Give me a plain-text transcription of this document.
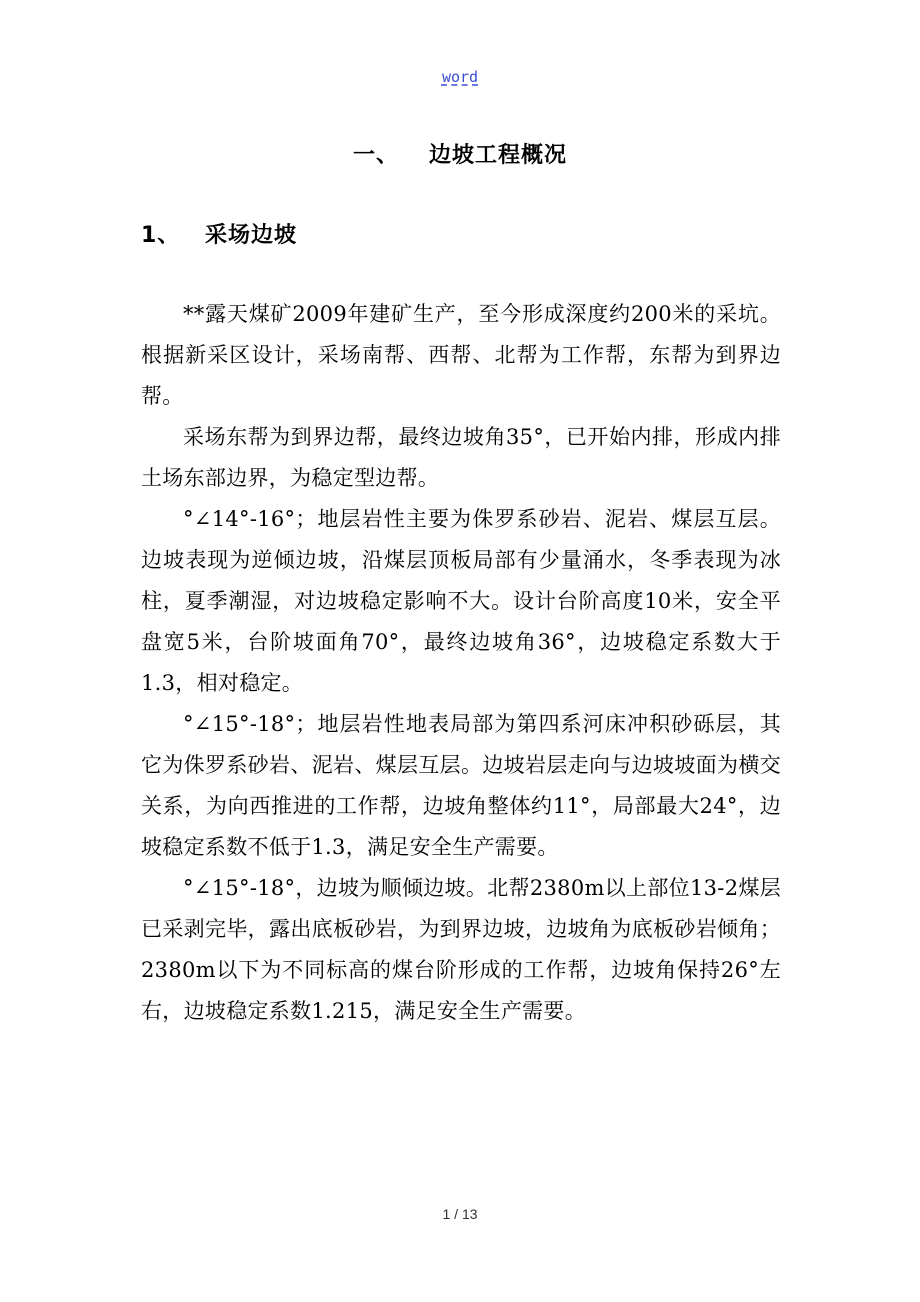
word
一、 边坡工程概况
1、 采场边坡

**露天煤矿2009年建矿生产，至今形成深度约200米的采坑。根据新采区设计，采场南帮、西帮、北帮为工作帮，东帮为到界边帮。

采场东帮为到界边帮，最终边坡角35°，已开始内排，形成内排土场东部边界，为稳定型边帮。

°∠14°-16°；地层岩性主要为侏罗系砂岩、泥岩、煤层互层。边坡表现为逆倾边坡，沿煤层顶板局部有少量涌水，冬季表现为冰柱，夏季潮湿，对边坡稳定影响不大。设计台阶高度10米，安全平盘宽5米，台阶坡面角70°，最终边坡角36°，边坡稳定系数大于1.3，相对稳定。

°∠15°-18°；地层岩性地表局部为第四系河床冲积砂砾层，其它为侏罗系砂岩、泥岩、煤层互层。边坡岩层走向与边坡坡面为横交关系，为向西推进的工作帮，边坡角整体约11°，局部最大24°，边坡稳定系数不低于1.3，满足安全生产需要。

°∠15°-18°，边坡为顺倾边坡。北帮2380m以上部位13-2煤层已采剥完毕，露出底板砂岩，为到界边坡，边坡角为底板砂岩倾角；2380m以下为不同标高的煤台阶形成的工作帮，边坡角保持26°左右，边坡稳定系数1.215，满足安全生产需要。

1 / 13
